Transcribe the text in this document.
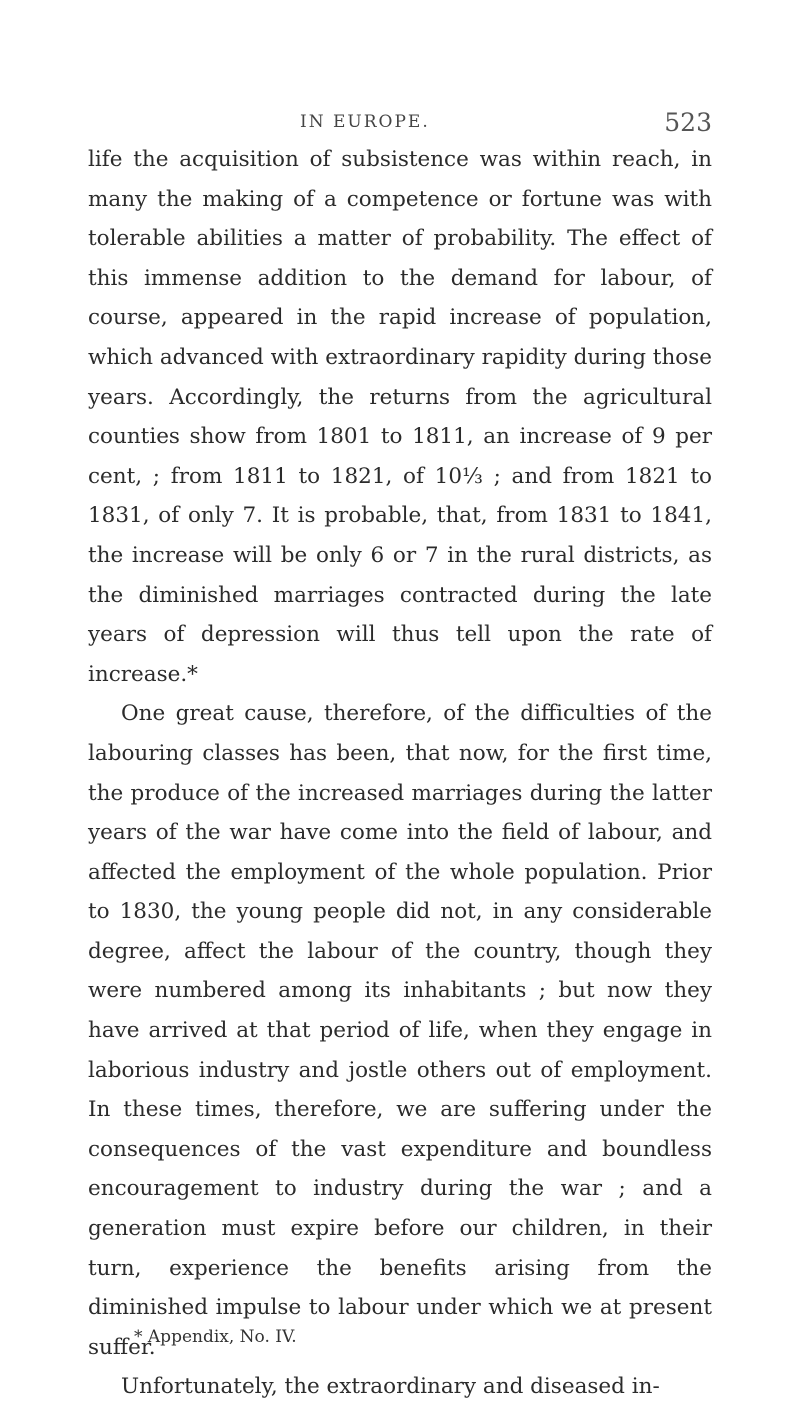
IN EUROPE.	523

life the acquisition of subsistence was within reach, in many the making of a competence or fortune was with tolerable abilities a matter of probability. The effect of this immense addition to the demand for labour, of course, appeared in the rapid increase of population, which advanced with extraordinary rapidity during those years. Accordingly, the returns from the agricultural counties show from 1801 to 1811, an increase of 9 per cent, ; from 1811 to 1821, of 10⅓ ; and from 1821 to 1831, of only 7. It is probable, that, from 1831 to 1841, the increase will be only 6 or 7 in the rural districts, as the diminished marriages contracted during the late years of depression will thus tell upon the rate of increase.*

One great cause, therefore, of the difficulties of the labouring classes has been, that now, for the first time, the produce of the increased marriages during the latter years of the war have come into the field of labour, and affected the employment of the whole population. Prior to 1830, the young people did not, in any considerable degree, affect the labour of the country, though they were numbered among its inhabitants ; but now they have arrived at that period of life, when they engage in laborious industry and jostle others out of employment. In these times, therefore, we are suffering under the consequences of the vast expenditure and boundless encouragement to industry during the war ; and a generation must expire before our children, in their turn, experience the benefits arising from the diminished impulse to labour under which we at present suffer.

Unfortunately, the extraordinary and diseased in-

* Appendix, No. IV.
